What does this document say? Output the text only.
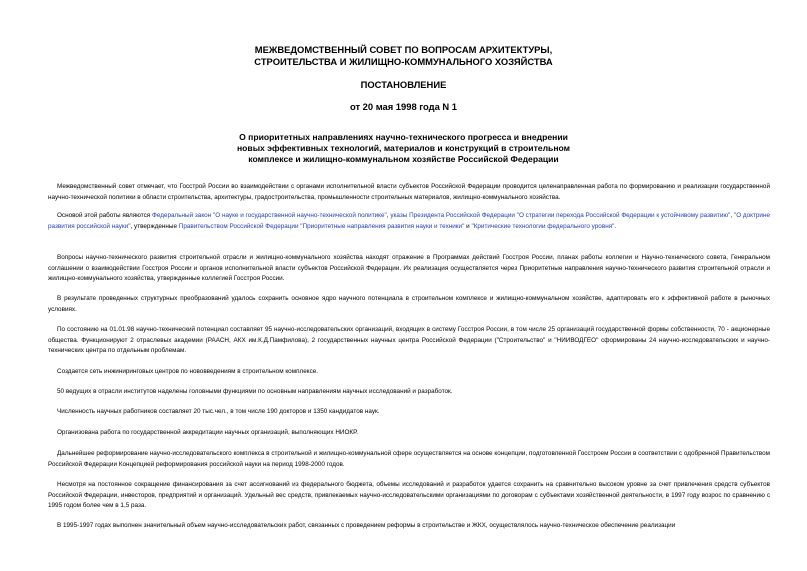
МЕЖВЕДОМСТВЕННЫЙ СОВЕТ ПО ВОПРОСАМ АРХИТЕКТУРЫ,
СТРОИТЕЛЬСТВА И ЖИЛИЩНО-КОММУНАЛЬНОГО ХОЗЯЙСТВА
ПОСТАНОВЛЕНИЕ
от 20 мая 1998 года N 1
О приоритетных направлениях научно-технического прогресса и внедрении
новых эффективных технологий, материалов и конструкций в строительном
комплексе и жилищно-коммунальном хозяйстве Российской Федерации

Межведомственный совет отмечает, что Госстрой России во взаимодействии с органами исполнительной власти субъектов Российской Федерации проводится целенаправленная работа по формированию и реализации государственной научно-технической политики в области строительства, архитектуры, градостроительства, промышленности строительных материалов, жилищно-коммунального хозяйства.

Основой этой работы являются Федеральный закон "О науке и государственной научно-технической политике", указы Президента Российской Федерации "О стратегии перехода Российской Федерации к устойчивому развитию", "О доктрине развития российской науки", утвержденные Правительством Российской Федерации "Приоритетные направления развития науки и техники" и "Критические технологии федерального уровня".

Вопросы научно-технического развития строительной отрасли и жилищно-коммунального хозяйства находят отражение в Программах действий Госстроя России, планах работы коллегии и Научно-технического совета, Генеральном соглашении о взаимодействии Госстроя России и органов исполнительной власти субъектов Российской Федерации. Их реализация осуществляется через Приоритетные направления научно-технического развития строительной отрасли и жилищно-коммунального хозяйства, утвержденные коллегией Госстроя России.

В результате проведенных структурных преобразований удалось сохранить основное ядро научного потенциала в строительном комплексе и жилищно-коммунальном хозяйстве, адаптировать его к эффективной работе в рыночных условиях.

По состоянию на 01.01.98 научно-технический потенциал составляет 95 научно-исследовательских организаций, входящих в систему Госстроя России, в том числе 25 организаций государственной формы собственности, 70 - акционерные общества. Функционируют 2 отраслевых академии (РААСН, АКХ им.К.Д.Памфилова), 2 государственных научных центра Российской Федерации ("Строительство" и "НИИВОДГЕО" сформированы 24 научно-исследовательских и научно-технических центра по отдельным проблемам.

Создается сеть инжиниринговых центров по нововведениям в строительном комплексе.

50 ведущих в отрасли институтов наделены головными функциями по основным направлениям научных исследований и разработок.

Численность научных работников составляет 20 тыс.чел., в том числе 190 докторов и 1350 кандидатов наук.

Организована работа по государственной аккредитации научных организаций, выполняющих НИОКР.

Дальнейшее реформирование научно-исследовательского комплекса в строительной и жилищно-коммунальной сфере осуществляется на основе концепции, подготовленной Госстроем России в соответствии с одобренной Правительством Российской Федерации Концепцией реформирования российской науки на период 1998-2000 годов.

Несмотря на постоянное сокращение финансирования за счет ассигнований из федерального бюджета, объемы исследований и разработок удается сохранить на сравнительно высоком уровне за счет привлечения средств субъектов Российской Федерации, инвесторов, предприятий и организаций. Удельный вес средств, привлекаемых научно-исследовательскими организациями по договорам с субъектами хозяйственной деятельности, в 1997 году возрос по сравнению с 1995 годом более чем в 1,5 раза.

В 1995-1997 годах выполнен значительный объем научно-исследовательских работ, связанных с проведением реформы в строительстве и ЖКХ, осуществлялось научно-техническое обеспечение реализации
